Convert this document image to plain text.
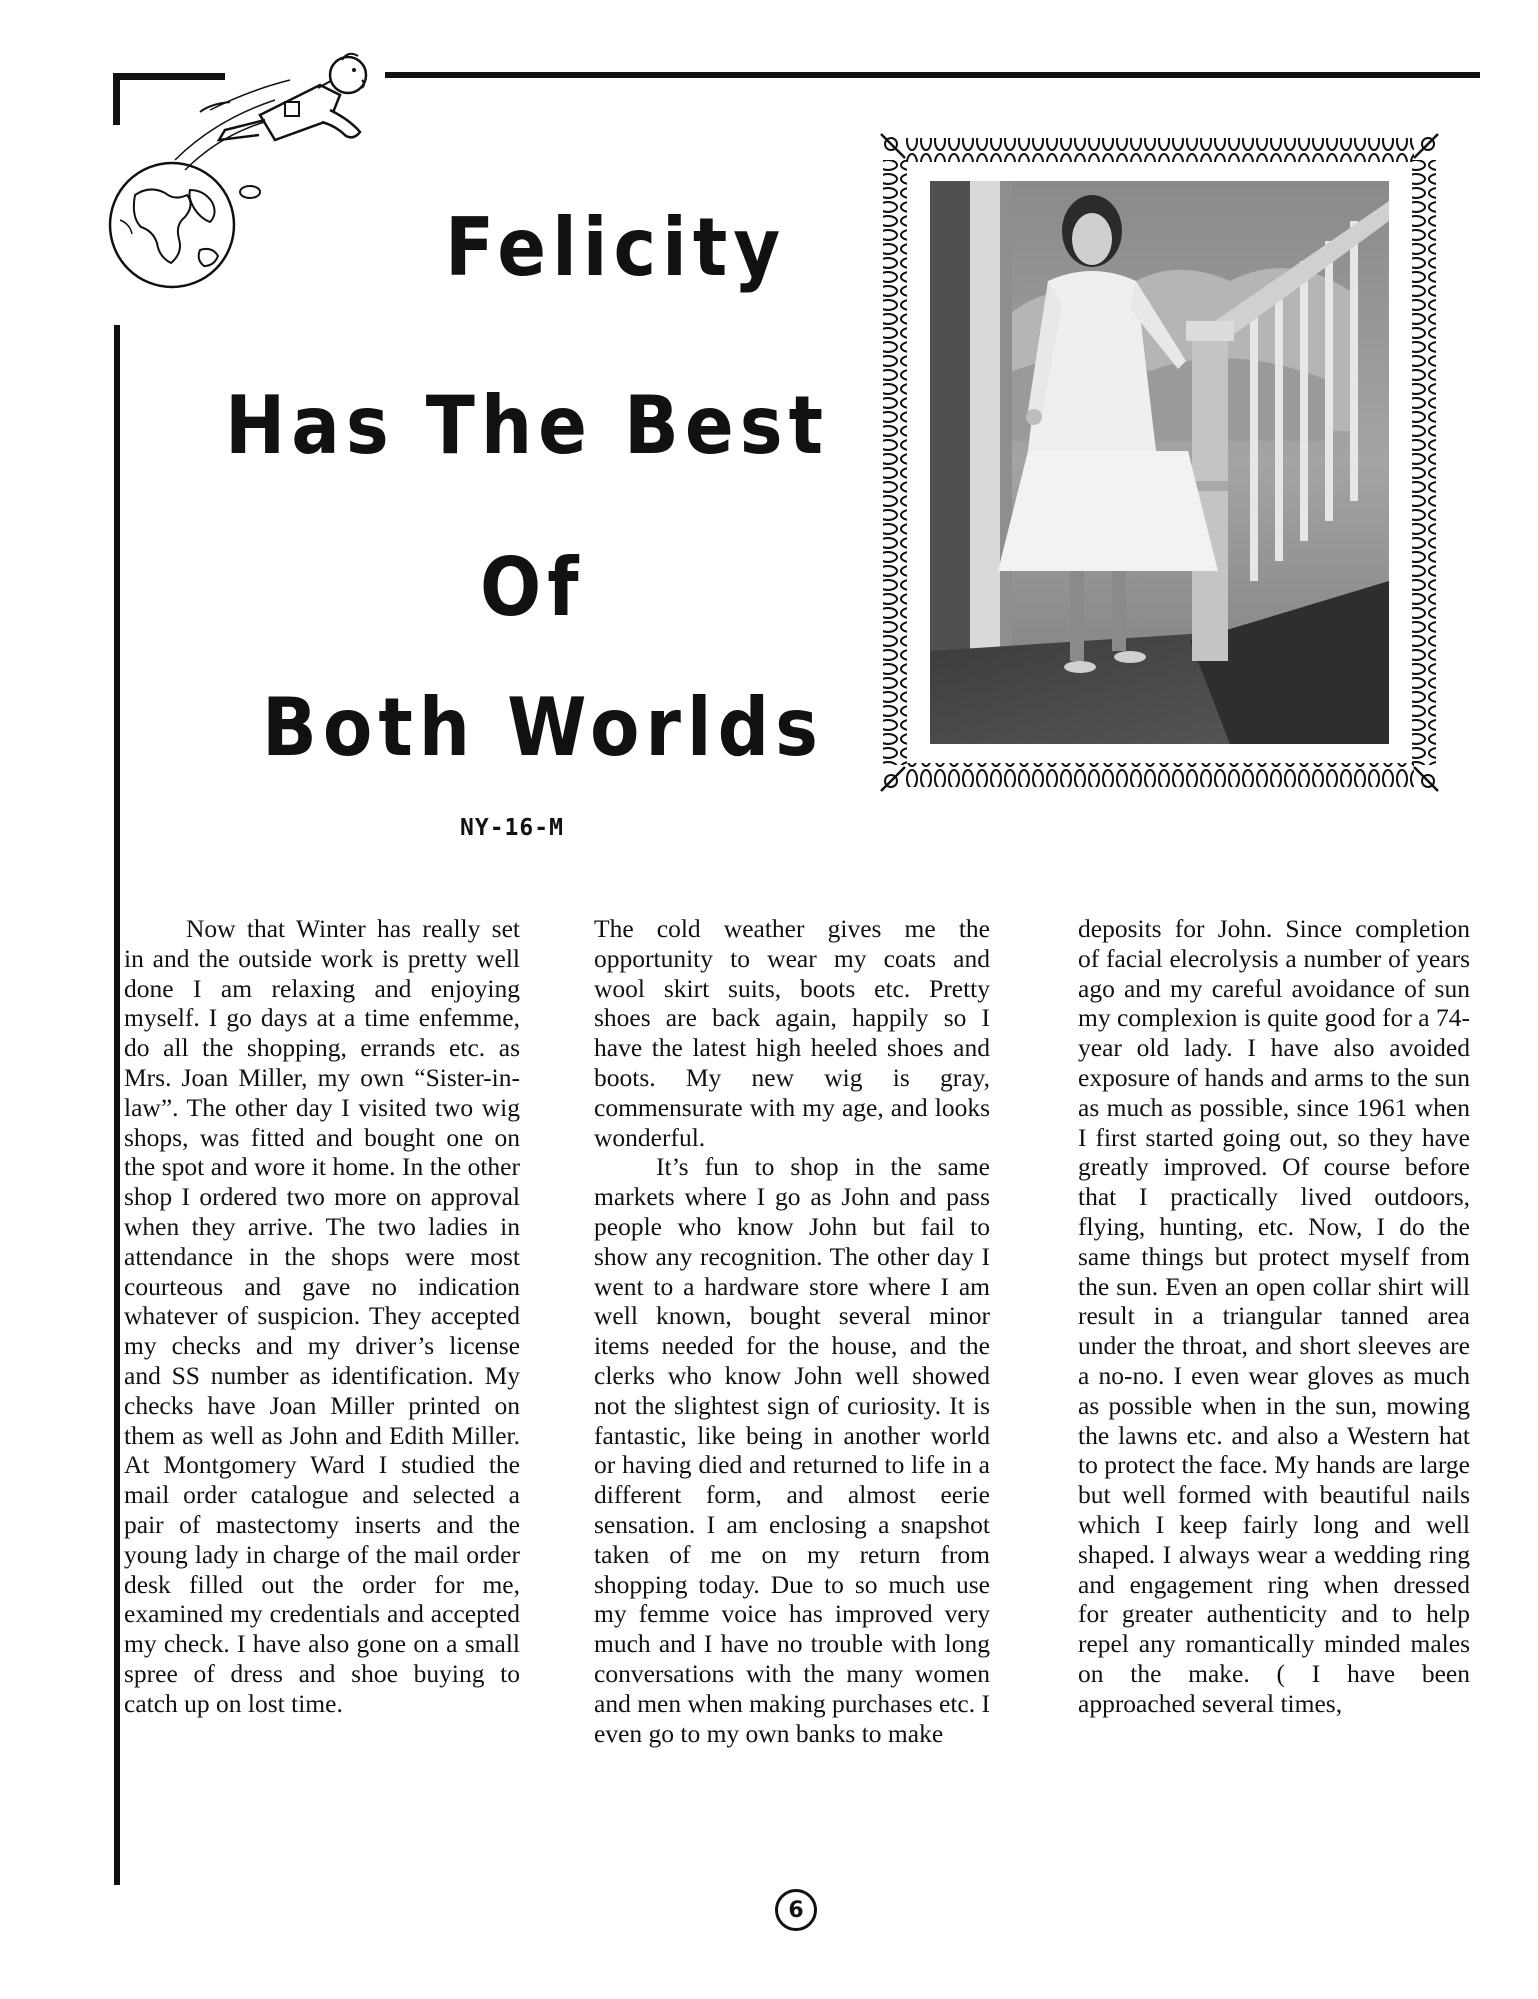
Felicity
Has The Best
Of
Both Worlds
NY-16-M

Now that Winter has really set in and the outside work is pretty well done I am relaxing and enjoying myself. I go days at a time enfemme, do all the shopping, errands etc. as Mrs. Joan Miller, my own “Sister-in-law”. The other day I visited two wig shops, was fitted and bought one on the spot and wore it home. In the other shop I ordered two more on approval when they arrive. The two ladies in attendance in the shops were most courteous and gave no indication whatever of suspicion. They accepted my checks and my driver’s license and SS number as identification. My checks have Joan Miller printed on them as well as John and Edith Miller. At Montgomery Ward I studied the mail order catalogue and selected a pair of mastectomy inserts and the young lady in charge of the mail order desk filled out the order for me, examined my credentials and accepted my check. I have also gone on a small spree of dress and shoe buying to catch up on lost time.

The cold weather gives me the opportunity to wear my coats and wool skirt suits, boots etc. Pretty shoes are back again, happily so I have the latest high heeled shoes and boots. My new wig is gray, commensurate with my age, and looks wonderful.

It’s fun to shop in the same markets where I go as John and pass people who know John but fail to show any recognition. The other day I went to a hardware store where I am well known, bought several minor items needed for the house, and the clerks who know John well showed not the slightest sign of curiosity. It is fantastic, like being in another world or having died and returned to life in a different form, and almost eerie sensation. I am enclosing a snapshot taken of me on my return from shopping today. Due to so much use my femme voice has improved very much and I have no trouble with long conversations with the many women and men when making purchases etc. I even go to my own banks to make

deposits for John. Since completion of facial elecrolysis a number of years ago and my careful avoidance of sun my complexion is quite good for a 74-year old lady. I have also avoided exposure of hands and arms to the sun as much as possible, since 1961 when I first started going out, so they have greatly improved. Of course before that I practically lived outdoors, flying, hunting, etc. Now, I do the same things but protect myself from the sun. Even an open collar shirt will result in a triangular tanned area under the throat, and short sleeves are a no-no. I even wear gloves as much as possible when in the sun, mowing the lawns etc. and also a Western hat to protect the face. My hands are large but well formed with beautiful nails which I keep fairly long and well shaped. I always wear a wedding ring and engagement ring when dressed for greater authenticity and to help repel any romantically minded males on the make. ( I have been approached several times,

6
